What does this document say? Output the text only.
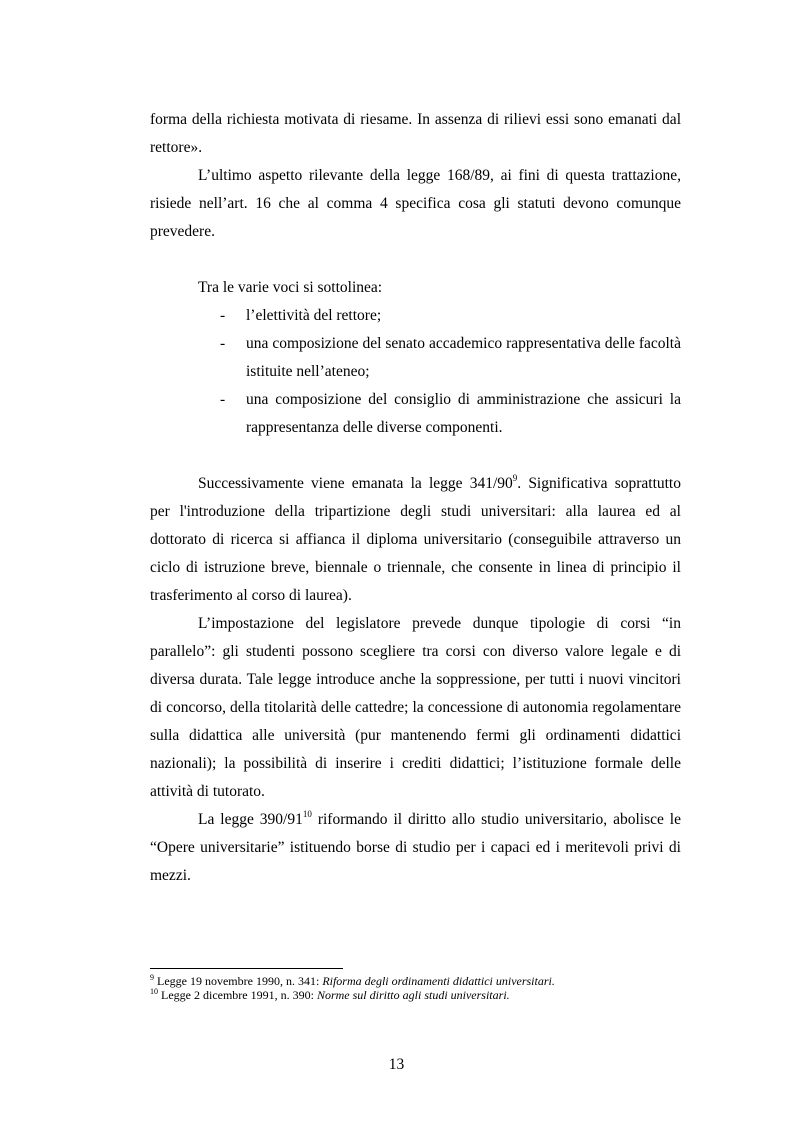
forma della richiesta motivata di riesame. In assenza di rilievi essi sono emanati dal rettore».

L’ultimo aspetto rilevante della legge 168/89, ai fini di questa trattazione, risiede nell’art. 16 che al comma 4 specifica cosa gli statuti devono comunque prevedere.

Tra le varie voci si sottolinea:

- l’elettività del rettore;
- una composizione del senato accademico rappresentativa delle facoltà istituite nell’ateneo;
- una composizione del consiglio di amministrazione che assicuri la rappresentanza delle diverse componenti.

Successivamente viene emanata la legge $341/90^9$. Significativa soprattutto per l'introduzione della tripartizione degli studi universitari: alla laurea ed al dottorato di ricerca si affianca il diploma universitario (conseguibile attraverso un ciclo di istruzione breve, biennale o triennale, che consente in linea di principio il trasferimento al corso di laurea).

L’impostazione del legislatore prevede dunque tipologie di corsi “in parallelo”: gli studenti possono scegliere tra corsi con diverso valore legale e di diversa durata. Tale legge introduce anche la soppressione, per tutti i nuovi vincitori di concorso, della titolarità delle cattedre; la concessione di autonomia regolamentare sulla didattica alle università (pur mantenendo fermi gli ordinamenti didattici nazionali); la possibilità di inserire i crediti didattici; l’istituzione formale delle attività di tutorato.

La legge $390/91^{10}$ riformando il diritto allo studio universitario, abolisce le “Opere universitarie” istituendo borse di studio per i capaci ed i meritevoli privi di mezzi.

$^9$ Legge 19 novembre 1990, n. 341: Riforma degli ordinamenti didattici universitari.
$^{10}$ Legge 2 dicembre 1991, n. 390: Norme sul diritto agli studi universitari.
13
